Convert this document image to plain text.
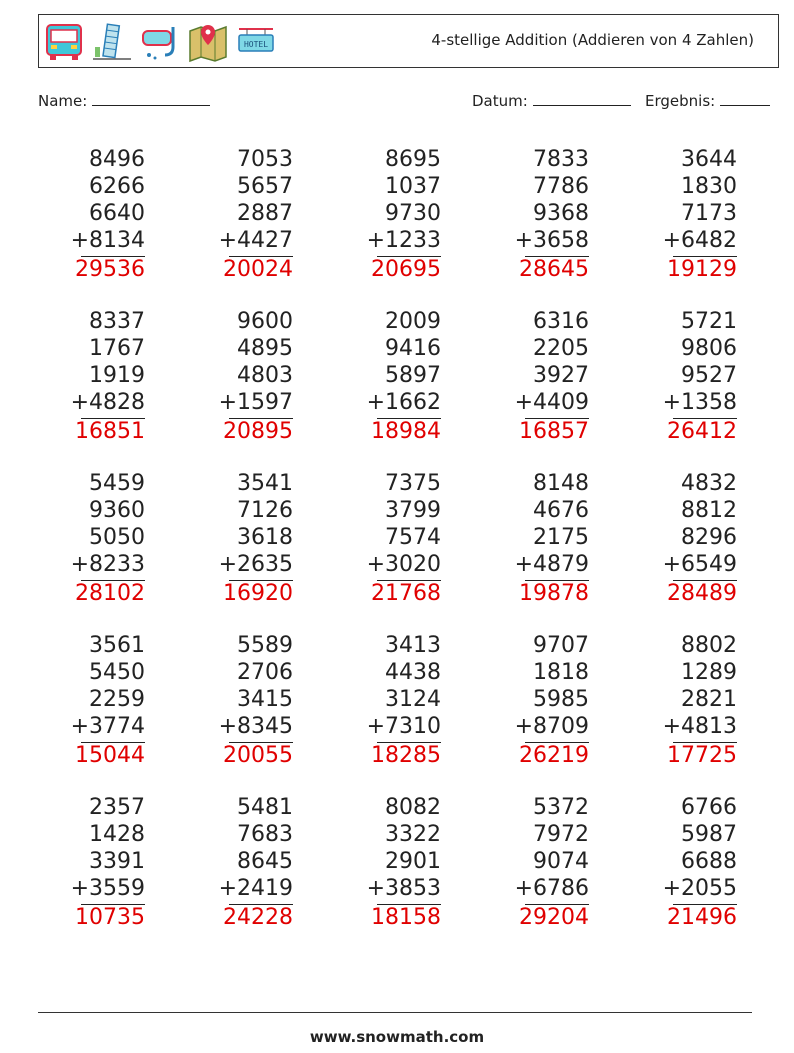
HOTEL	4-stellige Addition (Addieren von 4 Zahlen)
Name:	Datum:	Ergebnis:
8496
6266
6640
+8134
29536
7053
5657
2887
+4427
20024
8695
1037
9730
+1233
20695
7833
7786
9368
+3658
28645
3644
1830
7173
+6482
19129
8337
1767
1919
+4828
16851
9600
4895
4803
+1597
20895
2009
9416
5897
+1662
18984
6316
2205
3927
+4409
16857
5721
9806
9527
+1358
26412
5459
9360
5050
+8233
28102
3541
7126
3618
+2635
16920
7375
3799
7574
+3020
21768
8148
4676
2175
+4879
19878
4832
8812
8296
+6549
28489
3561
5450
2259
+3774
15044
5589
2706
3415
+8345
20055
3413
4438
3124
+7310
18285
9707
1818
5985
+8709
26219
8802
1289
2821
+4813
17725
2357
1428
3391
+3559
10735
5481
7683
8645
+2419
24228
8082
3322
2901
+3853
18158
5372
7972
9074
+6786
29204
6766
5987
6688
+2055
21496
www.snowmath.com
